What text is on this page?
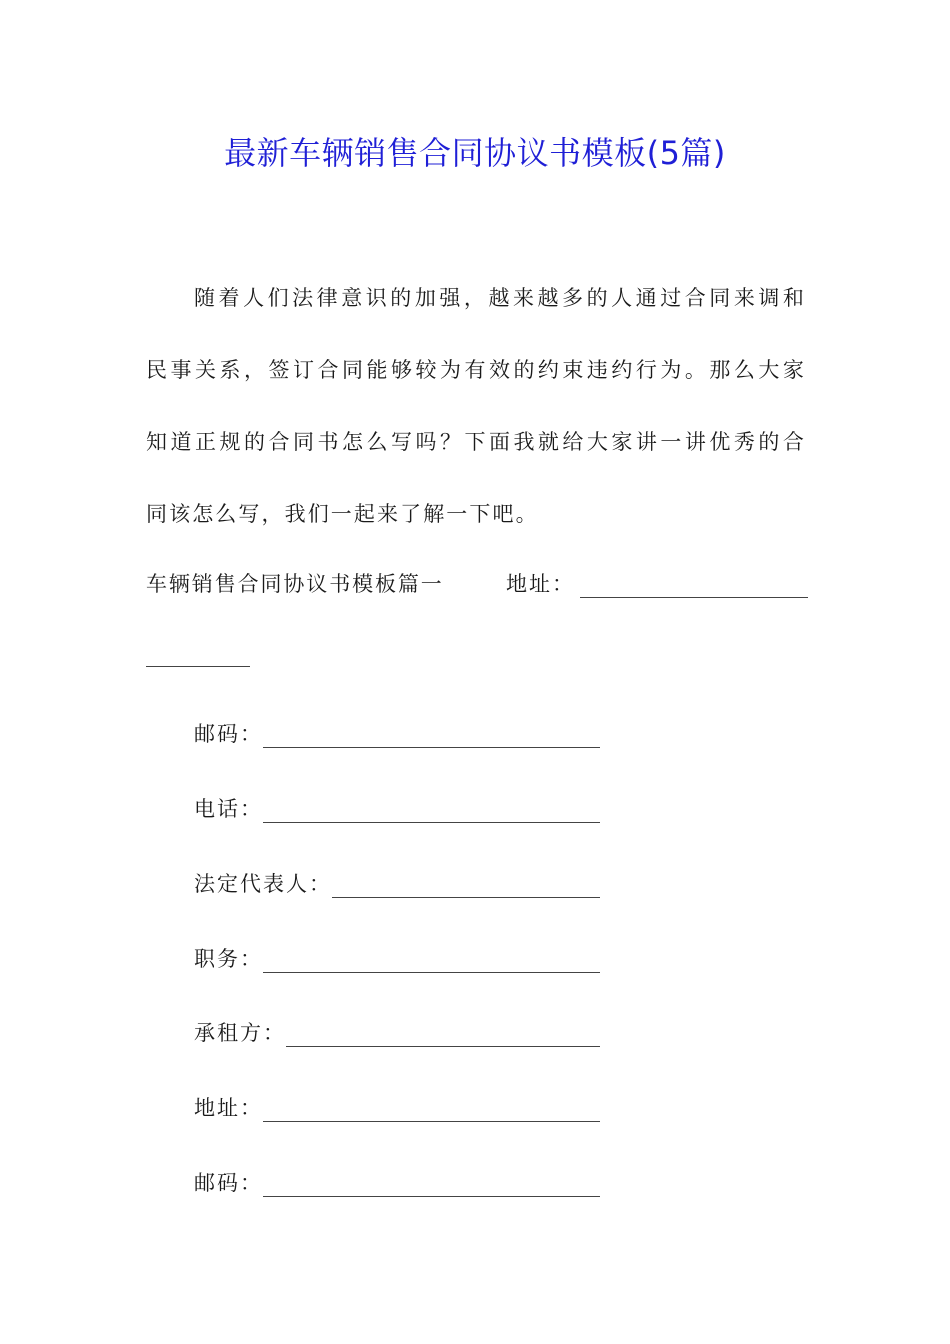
最新车辆销售合同协议书模板(5篇)
随着人们法律意识的加强，越来越多的人通过合同来调和
民事关系，签订合同能够较为有效的约束违约行为。那么大家
知道正规的合同书怎么写吗？下面我就给大家讲一讲优秀的合
同该怎么写，我们一起来了解一下吧。
车辆销售合同协议书模板篇一	地址：
邮码：
电话：
法定代表人：
职务：
承租方：
地址：
邮码：
